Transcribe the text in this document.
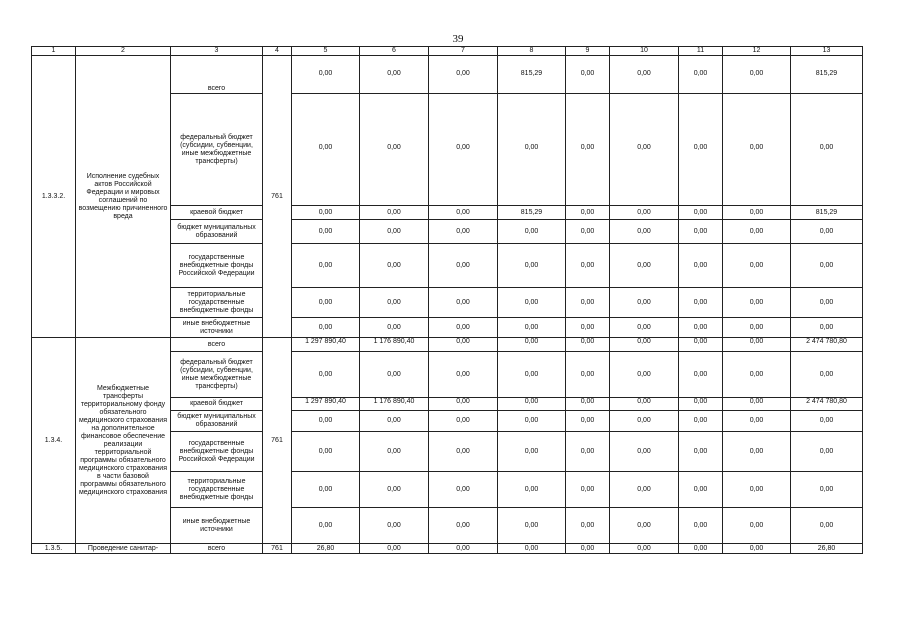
39
1	2	3	4	5	6	7	8	9	10	11	12	13
1.3.3.2.	Исполнение судебных актов Российской Федерации и мировых соглашений по возмещению причиненного вреда	всего	761	0,00	0,00	0,00	815,29	0,00	0,00	0,00	0,00	815,29
		федеральный бюджет (субсидии, субвенции, иные межбюджетные трансферты)		0,00	0,00	0,00	0,00	0,00	0,00	0,00	0,00	0,00
		краевой бюджет		0,00	0,00	0,00	815,29	0,00	0,00	0,00	0,00	815,29
		бюджет муниципальных образований		0,00	0,00	0,00	0,00	0,00	0,00	0,00	0,00	0,00
		государственные внебюджетные фонды Российской Федерации		0,00	0,00	0,00	0,00	0,00	0,00	0,00	0,00	0,00
		территориальные государственные внебюджетные фонды		0,00	0,00	0,00	0,00	0,00	0,00	0,00	0,00	0,00
		иные внебюджетные источники		0,00	0,00	0,00	0,00	0,00	0,00	0,00	0,00	0,00
1.3.4.	Межбюджетные трансферты территориальному фонду обязательного медицинского страхования на дополнительное финансовое обеспечение реализации территориальной программы обязательного медицинского страхования в части базовой программы обязательного медицинского страхования	всего	761	1 297 890,40	1 176 890,40	0,00	0,00	0,00	0,00	0,00	0,00	2 474 780,80
		федеральный бюджет (субсидии, субвенции, иные межбюджетные трансферты)		0,00	0,00	0,00	0,00	0,00	0,00	0,00	0,00	0,00
		краевой бюджет		1 297 890,40	1 176 890,40	0,00	0,00	0,00	0,00	0,00	0,00	2 474 780,80
		бюджет муниципальных образований		0,00	0,00	0,00	0,00	0,00	0,00	0,00	0,00	0,00
		государственные внебюджетные фонды Российской Федерации		0,00	0,00	0,00	0,00	0,00	0,00	0,00	0,00	0,00
		территориальные государственные внебюджетные фонды		0,00	0,00	0,00	0,00	0,00	0,00	0,00	0,00	0,00
		иные внебюджетные источники		0,00	0,00	0,00	0,00	0,00	0,00	0,00	0,00	0,00
1.3.5.	Проведение санитар-	всего	761	26,80	0,00	0,00	0,00	0,00	0,00	0,00	0,00	26,80
